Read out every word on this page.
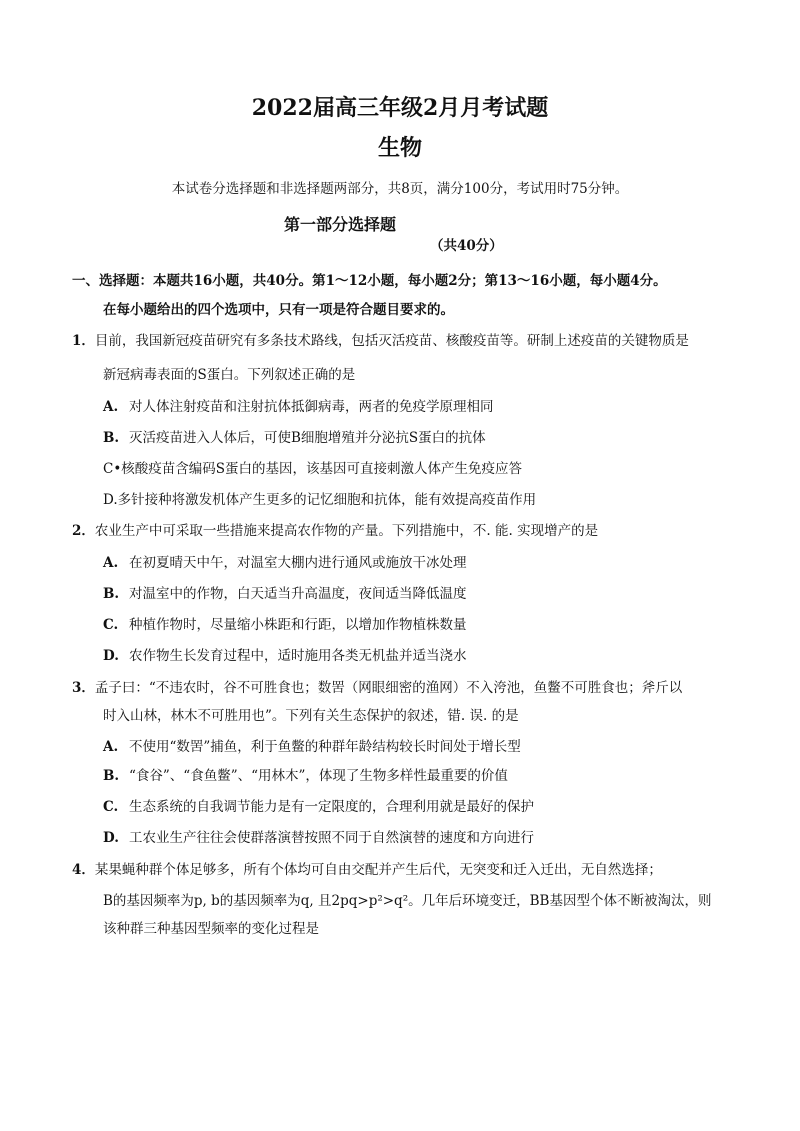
2022届高三年级2月月考试题
生物
本试卷分选择题和非选择题两部分，共8页，满分100分，考试用时75分钟。
第一部分选择题
（共40分）
一、选择题：本题共16小题，共40分。第1～12小题，每小题2分；第13～16小题，每小题4分。
在每小题给出的四个选项中，只有一项是符合题目要求的。
1．目前，我国新冠疫苗研究有多条技术路线，包括灭活疫苗、核酸疫苗等。研制上述疫苗的关键物质是
新冠病毒表面的S蛋白。下列叙述正确的是
A. 对人体注射疫苗和注射抗体抵御病毒，两者的免疫学原理相同
B. 灭活疫苗进入人体后，可使B细胞增殖并分泌抗S蛋白的抗体
C•核酸疫苗含编码S蛋白的基因，该基因可直接刺激人体产生免疫应答
D.多针接种将激发机体产生更多的记忆细胞和抗体，能有效提高疫苗作用
2．农业生产中可采取一些措施来提高农作物的产量。下列措施中，不. 能. 实现增产的是
A. 在初夏晴天中午，对温室大棚内进行通风或施放干冰处理
B. 对温室中的作物，白天适当升高温度，夜间适当降低温度
C. 种植作物时，尽量缩小株距和行距，以增加作物植株数量
D. 农作物生长发育过程中，适时施用各类无机盐并适当浇水
3．孟子曰：“不违农时，谷不可胜食也；数罟（网眼细密的渔网）不入洿池，鱼鳖不可胜食也；斧斤以
时入山林，林木不可胜用也”。下列有关生态保护的叙述，错. 误. 的是
A. 不使用“数罟”捕鱼，利于鱼鳖的种群年龄结构较长时间处于增长型
B. “食谷”、“食鱼鳖”、“用林木”，体现了生物多样性最重要的价值
C. 生态系统的自我调节能力是有一定限度的，合理利用就是最好的保护
D. 工农业生产往往会使群落演替按照不同于自然演替的速度和方向进行
4．某果蝇种群个体足够多，所有个体均可自由交配并产生后代，无突变和迁入迁出，无自然选择；
B的基因频率为p, b的基因频率为q, 且2pq>p²>q²。几年后环境变迁，BB基因型个体不断被淘汰，则
该种群三种基因型频率的变化过程是
